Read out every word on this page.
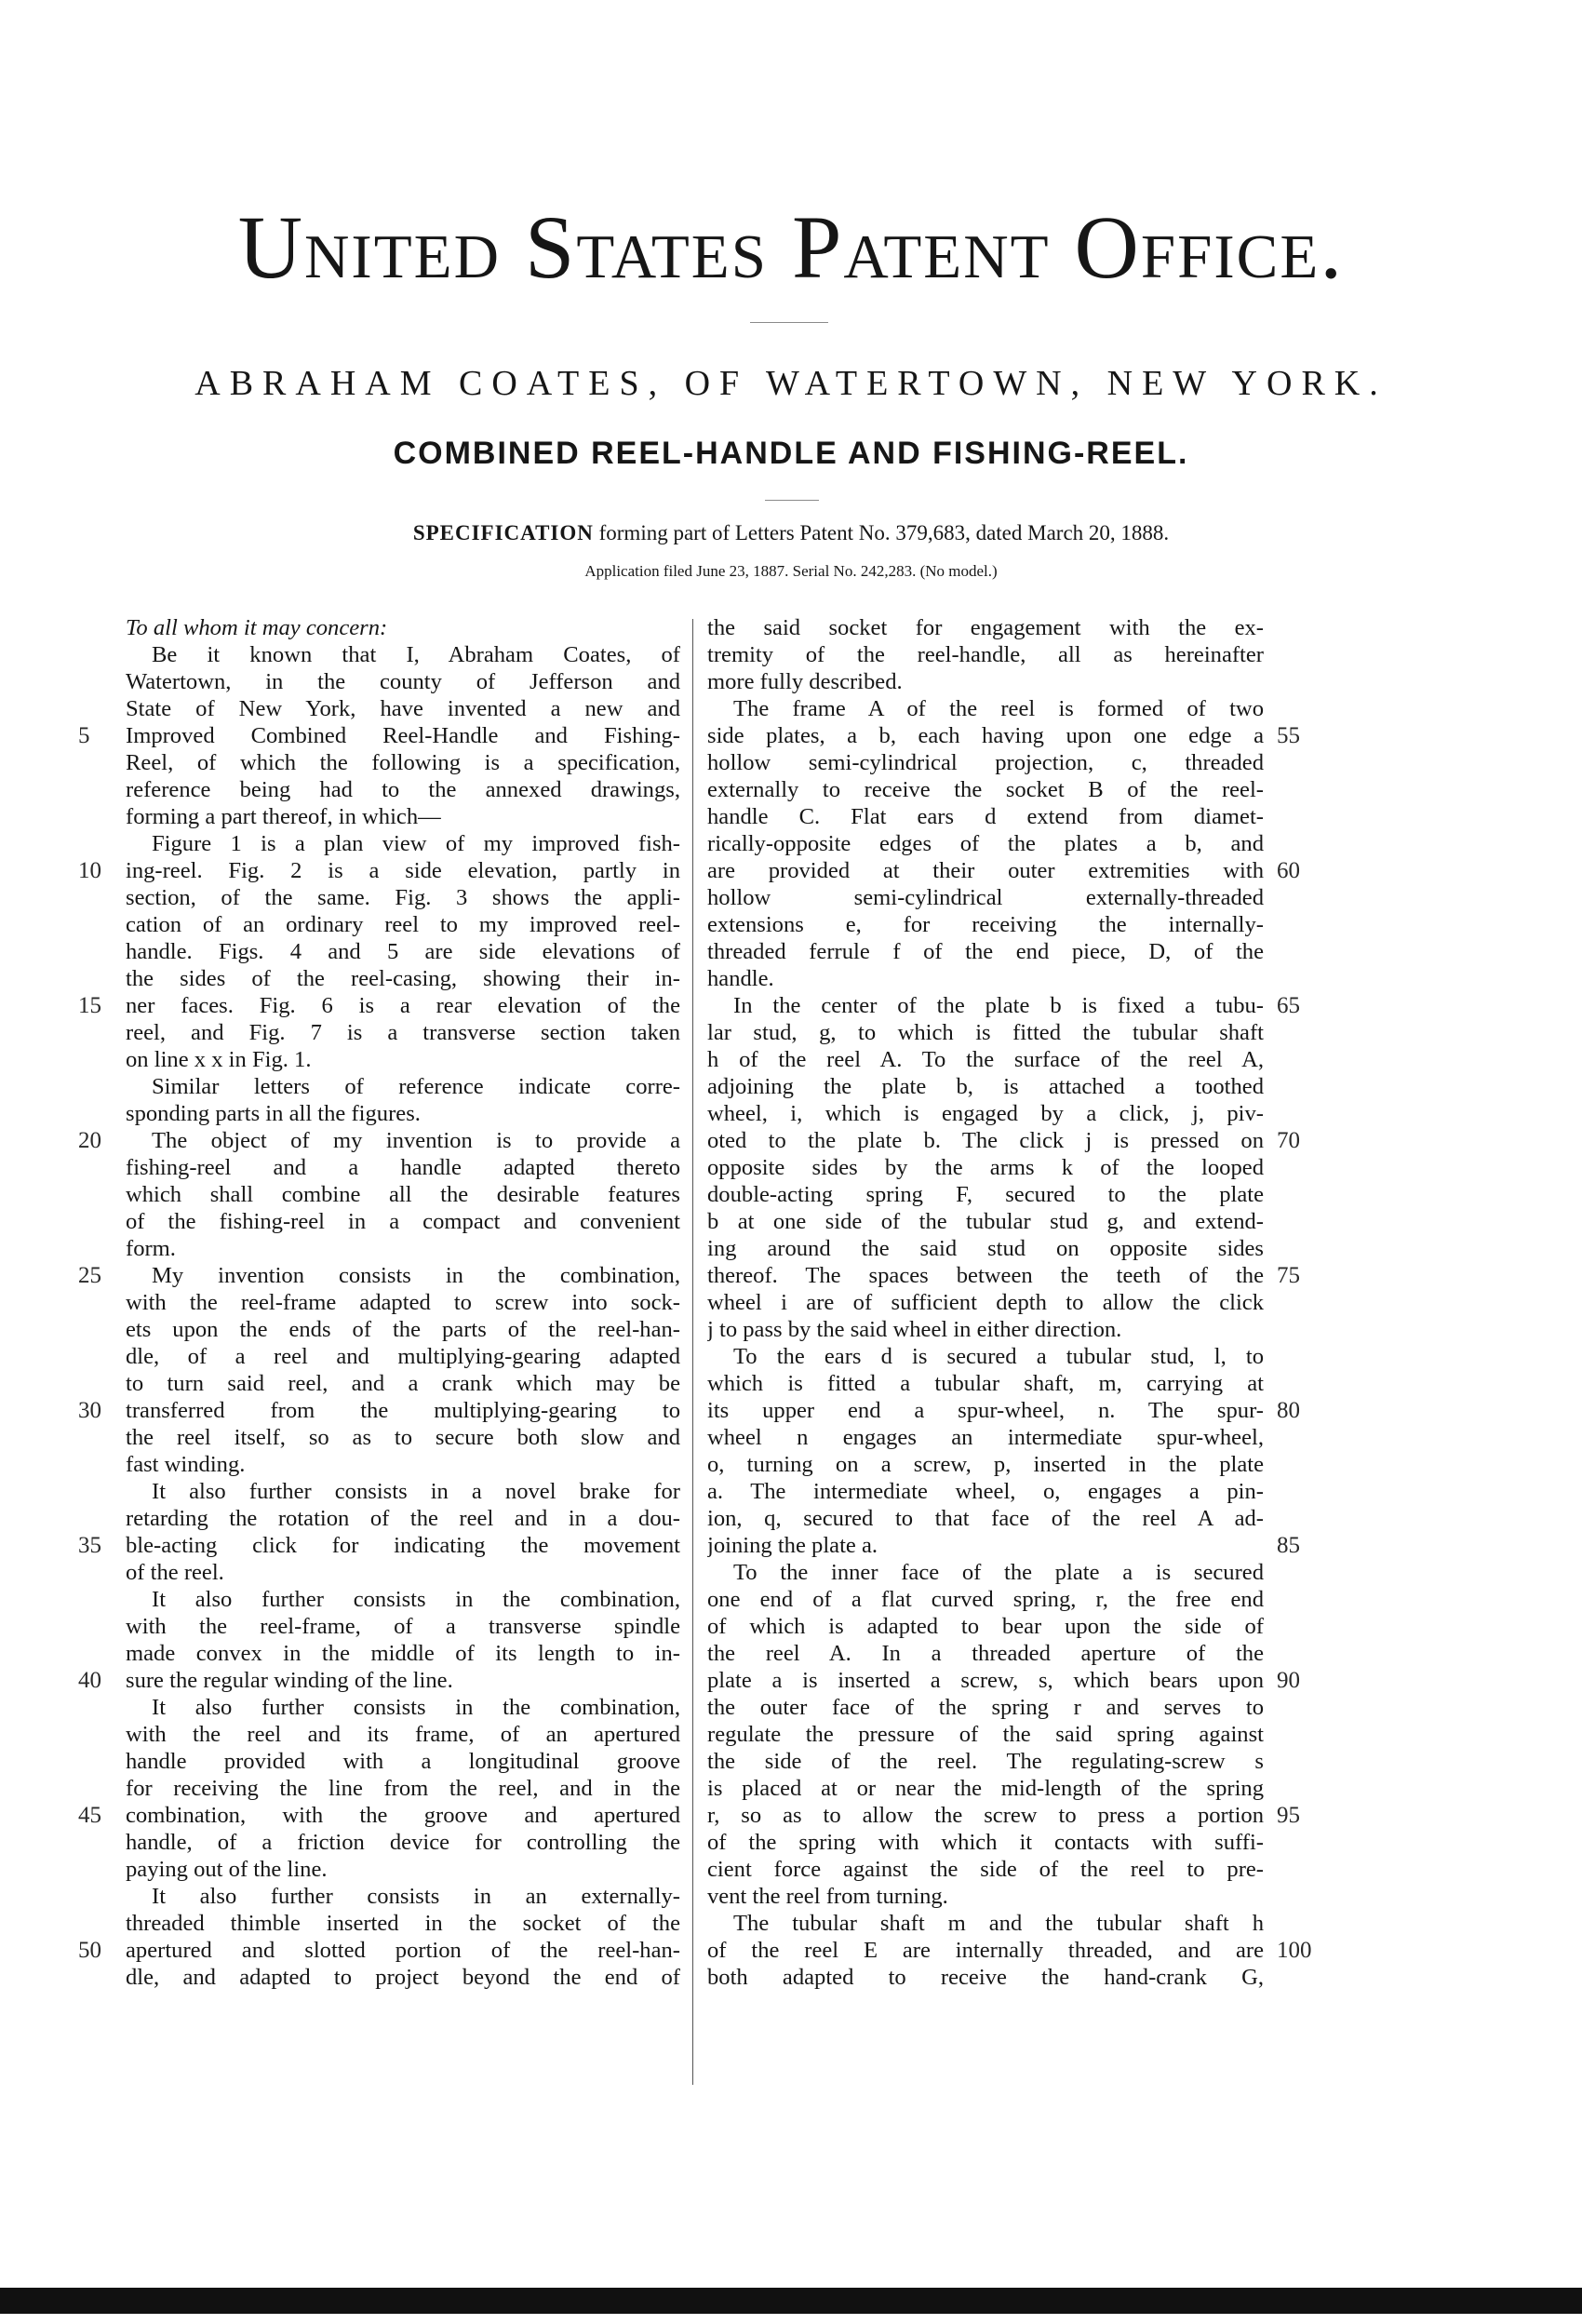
United States Patent Office.
ABRAHAM COATES, OF WATERTOWN, NEW YORK.
COMBINED REEL-HANDLE AND FISHING-REEL.
SPECIFICATION forming part of Letters Patent No. 379,683, dated March 20, 1888.
Application filed June 23, 1887. Serial No. 242,283. (No model.)
To all whom it may concern:
Be it known that I, Abraham Coates, of
Watertown, in the county of Jefferson and
State of New York, have invented a new and
Improved Combined Reel-Handle and Fishing-
Reel, of which the following is a specification,
reference being had to the annexed drawings,
forming a part thereof, in which—
Figure 1 is a plan view of my improved fish-
ing-reel. Fig. 2 is a side elevation, partly in
section, of the same. Fig. 3 shows the appli-
cation of an ordinary reel to my improved reel-
handle. Figs. 4 and 5 are side elevations of
the sides of the reel-casing, showing their in-
ner faces. Fig. 6 is a rear elevation of the
reel, and Fig. 7 is a transverse section taken
on line x x in Fig. 1.
Similar letters of reference indicate corre-
sponding parts in all the figures.
The object of my invention is to provide a
fishing-reel and a handle adapted thereto
which shall combine all the desirable features
of the fishing-reel in a compact and convenient
form.
My invention consists in the combination,
with the reel-frame adapted to screw into sock-
ets upon the ends of the parts of the reel-han-
dle, of a reel and multiplying-gearing adapted
to turn said reel, and a crank which may be
transferred from the multiplying-gearing to
the reel itself, so as to secure both slow and
fast winding.
It also further consists in a novel brake for
retarding the rotation of the reel and in a dou-
ble-acting click for indicating the movement
of the reel.
It also further consists in the combination,
with the reel-frame, of a transverse spindle
made convex in the middle of its length to in-
sure the regular winding of the line.
It also further consists in the combination,
with the reel and its frame, of an apertured
handle provided with a longitudinal groove
for receiving the line from the reel, and in the
combination, with the groove and apertured
handle, of a friction device for controlling the
paying out of the line.
It also further consists in an externally-
threaded thimble inserted in the socket of the
apertured and slotted portion of the reel-han-
dle, and adapted to project beyond the end of
the said socket for engagement with the ex-
tremity of the reel-handle, all as hereinafter
more fully described.
The frame A of the reel is formed of two
side plates, a b, each having upon one edge a
hollow semi-cylindrical projection, c, threaded
externally to receive the socket B of the reel-
handle C. Flat ears d extend from diamet-
rically-opposite edges of the plates a b, and
are provided at their outer extremities with
hollow semi-cylindrical externally-threaded
extensions e, for receiving the internally-
threaded ferrule f of the end piece, D, of the
handle.
In the center of the plate b is fixed a tubu-
lar stud, g, to which is fitted the tubular shaft
h of the reel A. To the surface of the reel A,
adjoining the plate b, is attached a toothed
wheel, i, which is engaged by a click, j, piv-
oted to the plate b. The click j is pressed on
opposite sides by the arms k of the looped
double-acting spring F, secured to the plate
b at one side of the tubular stud g, and extend-
ing around the said stud on opposite sides
thereof. The spaces between the teeth of the
wheel i are of sufficient depth to allow the click
j to pass by the said wheel in either direction.
To the ears d is secured a tubular stud, l, to
which is fitted a tubular shaft, m, carrying at
its upper end a spur-wheel, n. The spur-
wheel n engages an intermediate spur-wheel,
o, turning on a screw, p, inserted in the plate
a. The intermediate wheel, o, engages a pin-
ion, q, secured to that face of the reel A ad-
joining the plate a.
To the inner face of the plate a is secured
one end of a flat curved spring, r, the free end
of which is adapted to bear upon the side of
the reel A. In a threaded aperture of the
plate a is inserted a screw, s, which bears upon
the outer face of the spring r and serves to
regulate the pressure of the said spring against
the side of the reel. The regulating-screw s
is placed at or near the mid-length of the spring
r, so as to allow the screw to press a portion
of the spring with which it contacts with suffi-
cient force against the side of the reel to pre-
vent the reel from turning.
The tubular shaft m and the tubular shaft h
of the reel E are internally threaded, and are
both adapted to receive the hand-crank G,
5
10
15
20
25
30
35
40
45
50
55
60
65
70
75
80
85
90
95
100
